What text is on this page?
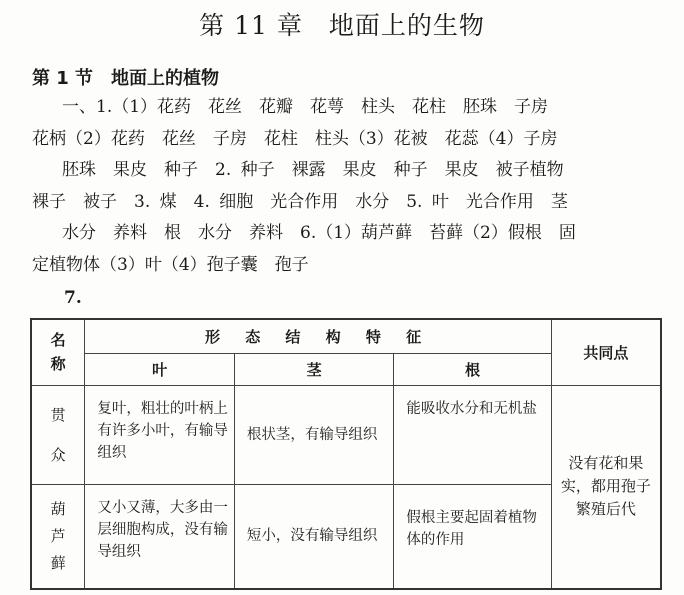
第 11 章　地面上的生物
第 1 节　地面上的植物
一、1.（1）花药　花丝　花瓣　花萼　柱头　花柱　胚珠　子房
花柄（2）花药　花丝　子房　花柱　柱头（3）花被　花蕊（4）子房
胚珠　果皮　种子　2. 种子　裸露　果皮　种子　果皮　被子植物
裸子　被子　3. 煤　4. 细胞　光合作用　水分　5. 叶　光合作用　茎
水分　养料　根　水分　养料　6.（1）葫芦藓　苔藓（2）假根　固
定植物体（3）叶（4）孢子囊　孢子
7.
名称	形 态 结 构 特 征			共同点
	叶	茎	根	

贯
众	复叶，粗壮的叶柄上有许多小叶，有输导组织	根状茎，有输导组织	能吸收水分和无机盐	没有花和果实，都用孢子繁殖后代

葫
芦
藓	又小又薄，大多由一层细胞构成，没有输导组织	短小，没有输导组织	假根主要起固着植物体的作用	
